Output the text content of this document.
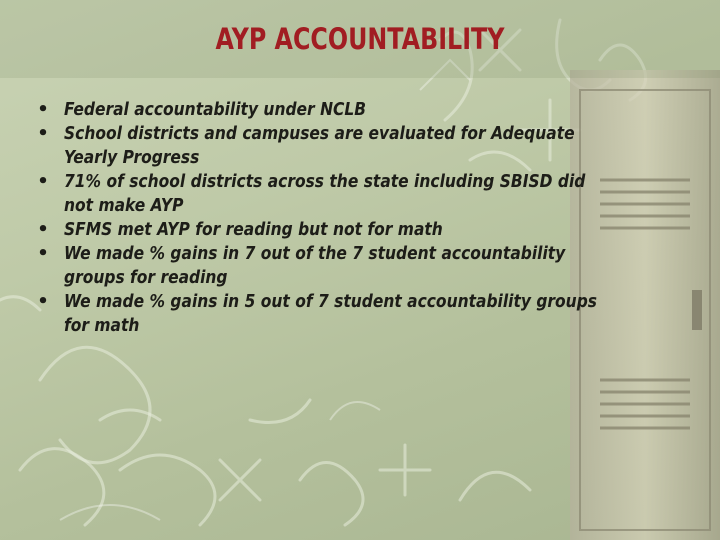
AYP ACCOUNTABILITY
• Federal accountability under NCLB
• School districts and campuses are evaluated for Adequate
Yearly Progress
• 71% of school districts across the state including SBISD did
not make AYP
• SFMS met AYP for reading but not for math
• We made % gains in 7 out of the 7 student accountability
groups for reading
• We made % gains in 5 out of 7 student accountability groups
for math
